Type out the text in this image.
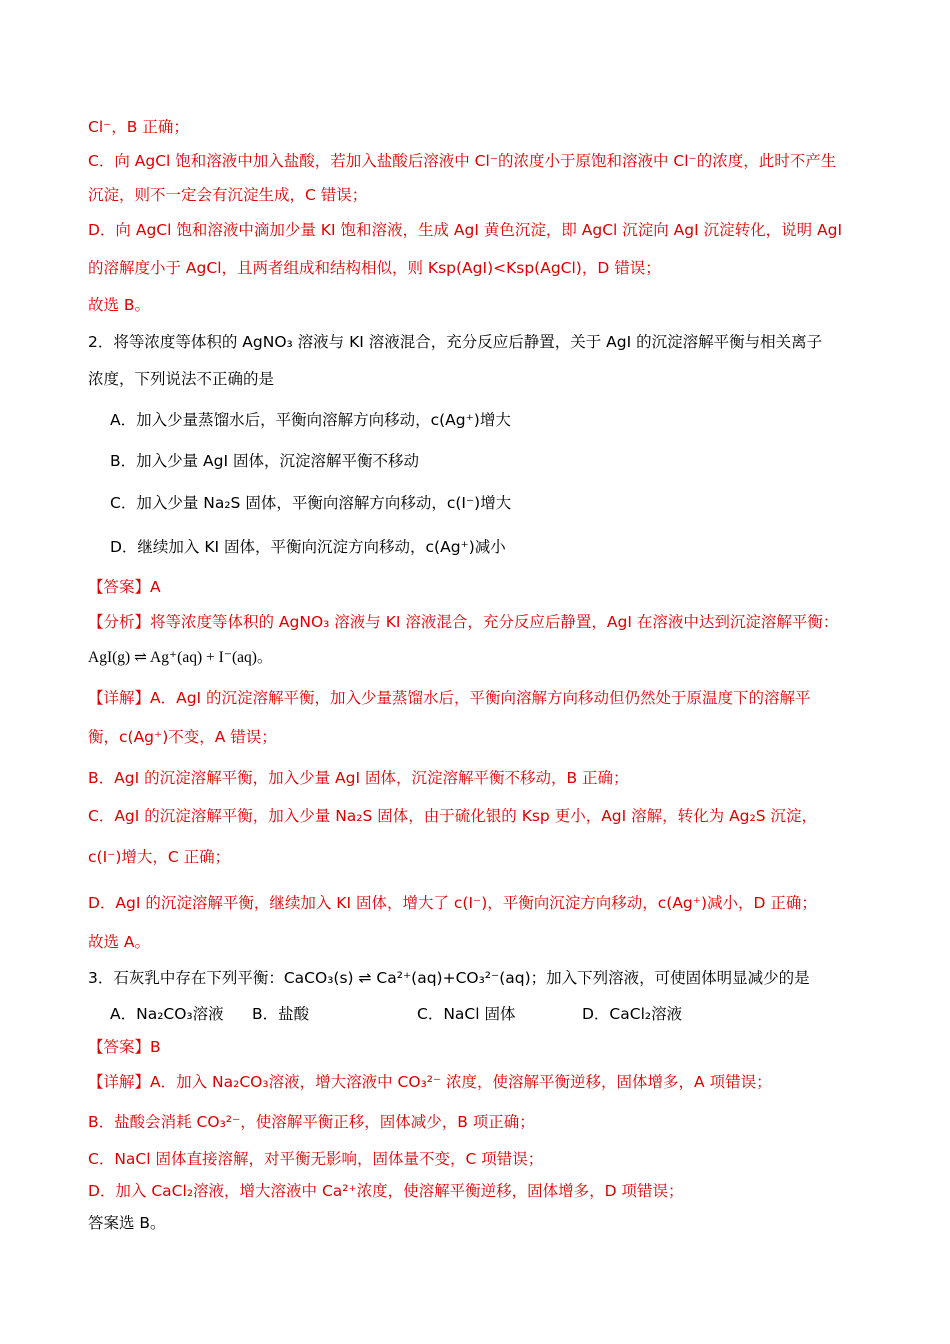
Cl⁻，B 正确；
C．向 AgCl 饱和溶液中加入盐酸，若加入盐酸后溶液中 Cl⁻的浓度小于原饱和溶液中 Cl⁻的浓度，此时不产生
沉淀，则不一定会有沉淀生成，C 错误；
D．向 AgCl 饱和溶液中滴加少量 KI 饱和溶液，生成 AgI 黄色沉淀，即 AgCl 沉淀向 AgI 沉淀转化，说明 AgI
的溶解度小于 AgCl，且两者组成和结构相似，则 Ksp(AgI)<Ksp(AgCl)，D 错误；
故选 B。
2．将等浓度等体积的 AgNO₃ 溶液与 KI 溶液混合，充分反应后静置，关于 AgI 的沉淀溶解平衡与相关离子
浓度，下列说法不正确的是
A．加入少量蒸馏水后，平衡向溶解方向移动，c(Ag⁺)增大
B．加入少量 AgI 固体，沉淀溶解平衡不移动
C．加入少量 Na₂S 固体，平衡向溶解方向移动，c(I⁻)增大
D．继续加入 KI 固体，平衡向沉淀方向移动，c(Ag⁺)减小
【答案】A
【分析】将等浓度等体积的 AgNO₃ 溶液与 KI 溶液混合，充分反应后静置，AgI 在溶液中达到沉淀溶解平衡：
AgI(g) ⇌ Ag⁺(aq) + I⁻(aq)。
【详解】A．AgI 的沉淀溶解平衡，加入少量蒸馏水后，平衡向溶解方向移动但仍然处于原温度下的溶解平
衡，c(Ag⁺)不变，A 错误；
B．AgI 的沉淀溶解平衡，加入少量 AgI 固体，沉淀溶解平衡不移动，B 正确；
C．AgI 的沉淀溶解平衡，加入少量 Na₂S 固体，由于硫化银的 Ksp 更小，AgI 溶解，转化为 Ag₂S 沉淀，
c(I⁻)增大，C 正确；
D．AgI 的沉淀溶解平衡，继续加入 KI 固体，增大了 c(I⁻)，平衡向沉淀方向移动，c(Ag⁺)减小，D 正确；
故选 A。
3．石灰乳中存在下列平衡：CaCO₃(s) ⇌ Ca²⁺(aq)+CO₃²⁻(aq)；加入下列溶液，可使固体明显减少的是
A．Na₂CO₃溶液	B．盐酸	C．NaCl 固体	D．CaCl₂溶液
【答案】B
【详解】A．加入 Na₂CO₃溶液，增大溶液中 CO₃²⁻ 浓度，使溶解平衡逆移，固体增多，A 项错误；
B．盐酸会消耗 CO₃²⁻，使溶解平衡正移，固体减少，B 项正确；
C．NaCl 固体直接溶解，对平衡无影响，固体量不变，C 项错误；
D．加入 CaCl₂溶液，增大溶液中 Ca²⁺浓度，使溶解平衡逆移，固体增多，D 项错误；
答案选 B。
